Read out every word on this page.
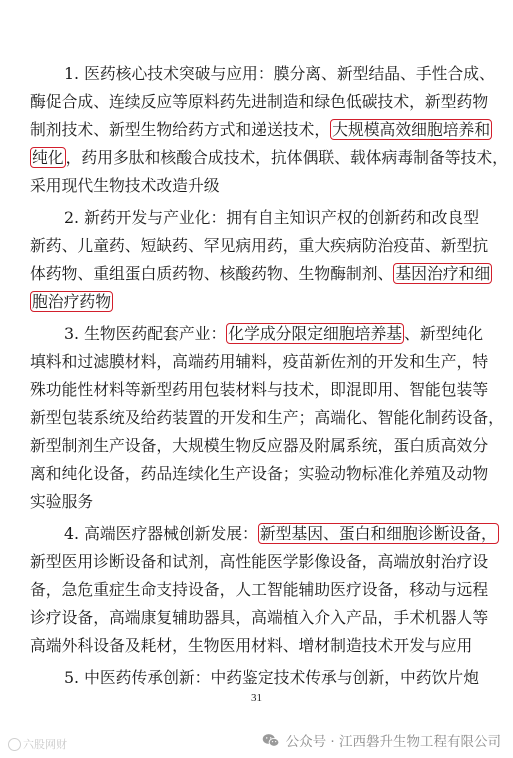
1. 医药核心技术突破与应用：膜分离、新型结晶、手性合成、
酶促合成、连续反应等原料药先进制造和绿色低碳技术，新型药物
制剂技术、新型生物给药方式和递送技术， 大规模高效细胞培养和
纯化 ，药用多肽和核酸合成技术，抗体偶联、载体病毒制备等技术，
采用现代生物技术改造升级
2. 新药开发与产业化：拥有自主知识产权的创新药和改良型
新药、儿童药、短缺药、罕见病用药，重大疾病防治疫苗、新型抗
体药物、重组蛋白质药物、核酸药物、生物酶制剂、 基因治疗和细
胞治疗药物
3. 生物医药配套产业： 化学成分限定细胞培养基 、新型纯化
填料和过滤膜材料，高端药用辅料，疫苗新佐剂的开发和生产，特
殊功能性材料等新型药用包装材料与技术，即混即用、智能包装等
新型包装系统及给药装置的开发和生产；高端化、智能化制药设备，
新型制剂生产设备，大规模生物反应器及附属系统，蛋白质高效分
离和纯化设备，药品连续化生产设备；实验动物标准化养殖及动物
实验服务
4. 高端医疗器械创新发展： 新型基因、蛋白和细胞诊断设备，
新型医用诊断设备和试剂，高性能医学影像设备，高端放射治疗设
备，急危重症生命支持设备，人工智能辅助医疗设备，移动与远程
诊疗设备，高端康复辅助器具，高端植入介入产品，手术机器人等
高端外科设备及耗材，生物医用材料、增材制造技术开发与应用
5. 中医药传承创新：中药鉴定技术传承与创新，中药饮片炮
31
六股网财	公众号 · 江西磐升生物工程有限公司
